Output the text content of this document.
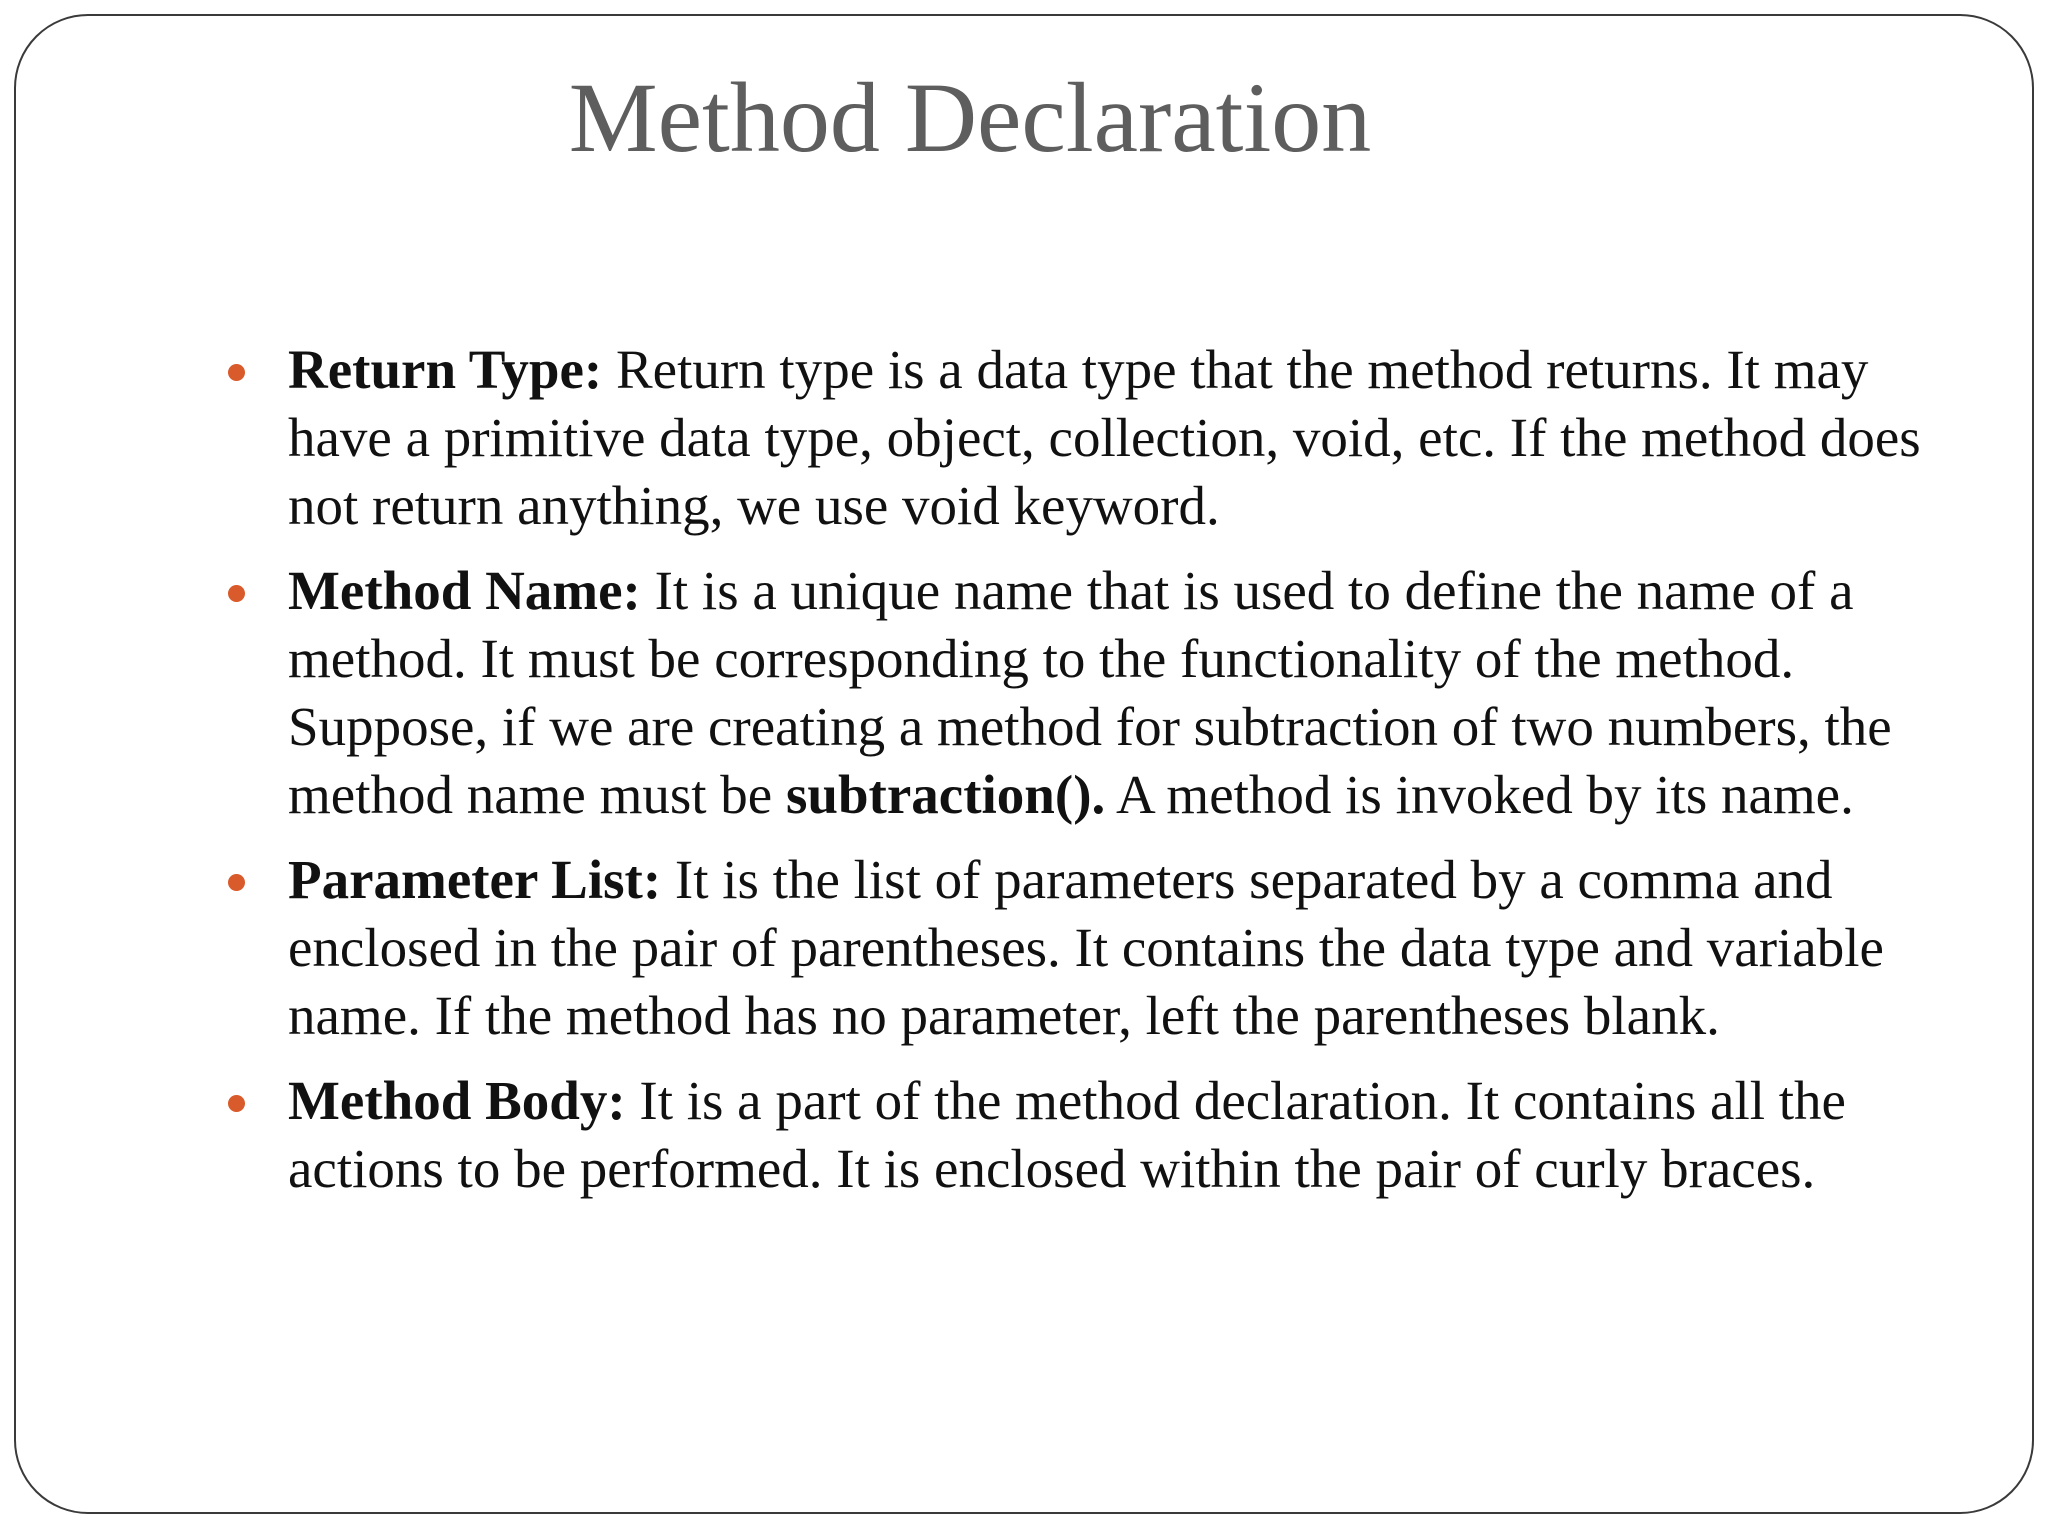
Method Declaration
Return Type: Return type is a data type that the method returns. It may have a primitive data type, object, collection, void, etc. If the method does not return anything, we use void keyword.
Method Name: It is a unique name that is used to define the name of a method. It must be corresponding to the functionality of the method. Suppose, if we are creating a method for subtraction of two numbers, the method name must be subtraction(). A method is invoked by its name.
Parameter List: It is the list of parameters separated by a comma and enclosed in the pair of parentheses. It contains the data type and variable name. If the method has no parameter, left the parentheses blank.
Method Body: It is a part of the method declaration. It contains all the actions to be performed. It is enclosed within the pair of curly braces.
